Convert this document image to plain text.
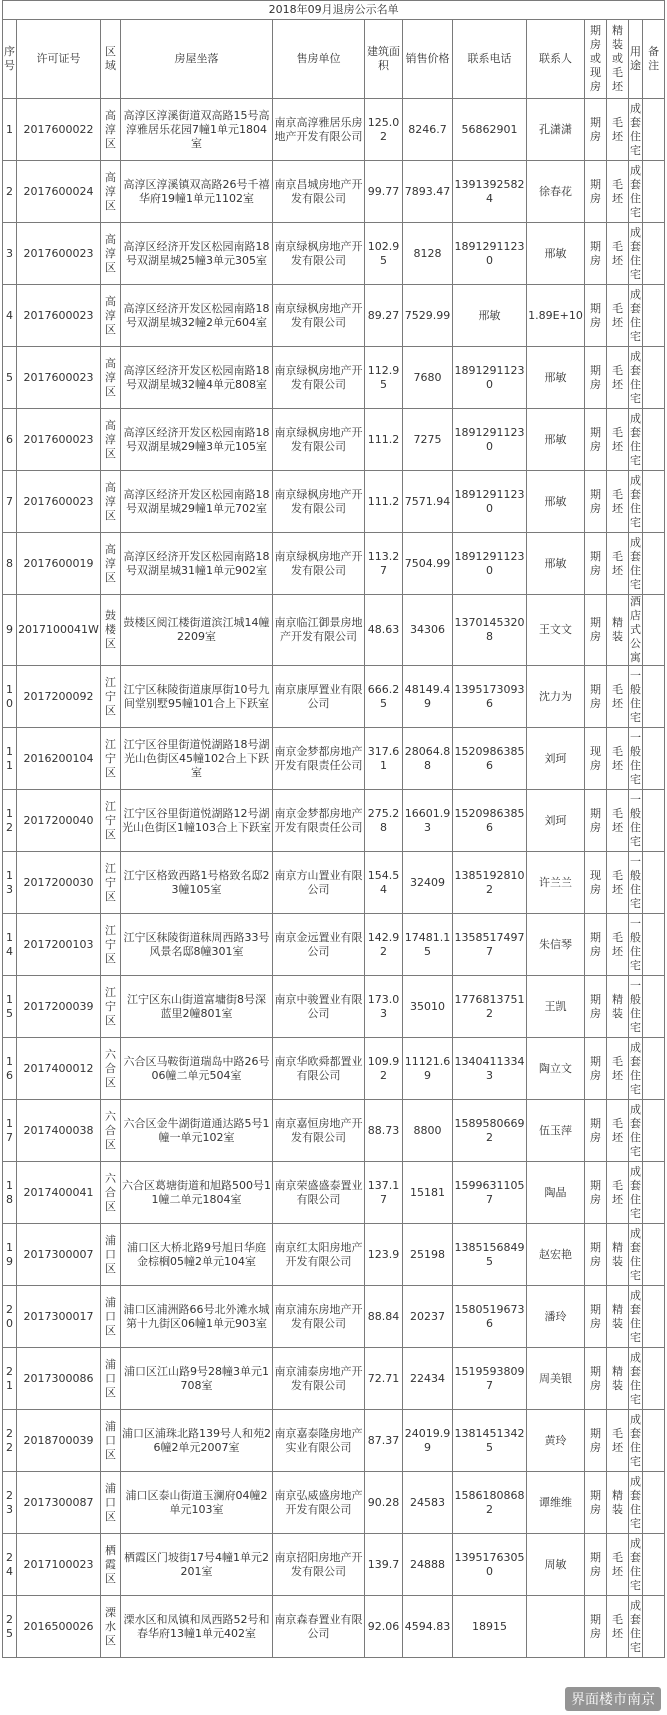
2018年09月退房公示名单												
序号	许可证号	区域	房屋坐落	售房单位	建筑面积	销售价格	联系电话	联系人	期房或现房	精装或毛坯	用途	备注
1	2017600022	高淳区	高淳区淳溪街道双高路15号高淳雅居乐花园7幢1单元1804室	南京高淳雅居乐房地产开发有限公司	125.02	8246.7	56862901	孔潇潇	期房	毛坯	成套住宅	
2	2017600024	高淳区	高淳区淳溪镇双高路26号千禧华府19幢1单元1102室	南京昌城房地产开发有限公司	99.77	7893.47	13913925824	徐春花	期房	毛坯	成套住宅	
3	2017600023	高淳区	高淳区经济开发区松园南路18号双湖星城25幢3单元305室	南京绿枫房地产开发有限公司	102.95	8128	18912911230	邢敏	期房	毛坯	成套住宅	
4	2017600023	高淳区	高淳区经济开发区松园南路18号双湖星城32幢2单元604室	南京绿枫房地产开发有限公司	89.27	7529.99	邢敏	1.89E+10	期房	毛坯	成套住宅	
5	2017600023	高淳区	高淳区经济开发区松园南路18号双湖星城32幢4单元808室	南京绿枫房地产开发有限公司	112.95	7680	18912911230	邢敏	期房	毛坯	成套住宅	
6	2017600023	高淳区	高淳区经济开发区松园南路18号双湖星城29幢3单元105室	南京绿枫房地产开发有限公司	111.2	7275	18912911230	邢敏	期房	毛坯	成套住宅	
7	2017600023	高淳区	高淳区经济开发区松园南路18号双湖星城29幢1单元702室	南京绿枫房地产开发有限公司	111.2	7571.94	18912911230	邢敏	期房	毛坯	成套住宅	
8	2017600019	高淳区	高淳区经济开发区松园南路18号双湖星城31幢1单元902室	南京绿枫房地产开发有限公司	113.27	7504.99	18912911230	邢敏	期房	毛坯	成套住宅	
9	2017100041W	鼓楼区	鼓楼区阅江楼街道滨江城14幢2209室	南京临江御景房地产开发有限公司	48.63	34306	13701453208	王文文	期房	精装	酒店式公寓	
10	2017200092	江宁区	江宁区秣陵街道康厚街10号九间堂别墅95幢101合上下跃室	南京康厚置业有限公司	666.25	48149.49	13951730936	沈力为	期房	毛坯	一般住宅	
11	2016200104	江宁区	江宁区谷里街道悦湖路18号湖光山色街区45幢102合上下跃室	南京金梦都房地产开发有限责任公司	317.61	28064.88	15209863856	刘珂	现房	毛坯	一般住宅	
12	2017200040	江宁区	江宁区谷里街道悦湖路12号湖光山色街区1幢103合上下跃室	南京金梦都房地产开发有限责任公司	275.28	16601.93	15209863856	刘珂	期房	毛坯	一般住宅	
13	2017200030	江宁区	江宁区格致西路1号格致名邸23幢105室	南京方山置业有限公司	154.54	32409	13851928102	许兰兰	现房	毛坯	一般住宅	
14	2017200103	江宁区	江宁区秣陵街道秣周西路33号风景名邸8幢301室	南京金远置业有限公司	142.92	17481.15	13585174977	朱信琴	期房	毛坯	一般住宅	
15	2017200039	江宁区	江宁区东山街道富墉街8号深蓝里2幢801室	南京中骏置业有限公司	173.03	35010	17768137512	王凯	期房	精装	一般住宅	
16	2017400012	六合区	六合区马鞍街道瑞岛中路26号06幢二单元504室	南京华欧舜都置业有限公司	109.92	11121.69	13404113343	陶立文	期房	毛坯	成套住宅	
17	2017400038	六合区	六合区金牛湖街道通达路5号1幢一单元102室	南京嘉恒房地产开发有限公司	88.73	8800	15895806692	伍玉萍	期房	毛坯	成套住宅	
18	2017400041	六合区	六合区葛塘街道和旭路500号11幢二单元1804室	南京荣盛盛泰置业有限公司	137.17	15181	15996311057	陶晶	期房	毛坯	成套住宅	
19	2017300007	浦口区	浦口区大桥北路9号旭日华庭金棕榈05幢2单元104室	南京红太阳房地产开发有限公司	123.9	25198	13851568495	赵宏艳	期房	精装	成套住宅	
20	2017300017	浦口区	浦口区浦洲路66号北外滩水城第十九街区06幢1单元903室	南京浦东房地产开发有限公司	88.84	20237	15805196736	潘玲	期房	精装	成套住宅	
21	2017300086	浦口区	浦口区江山路9号28幢3单元1708室	南京浦泰房地产开发有限公司	72.71	22434	15195938097	周美银	期房	精装	成套住宅	
22	2018700039	浦口区	浦口区浦珠北路139号人和苑26幢2单元2007室	南京嘉泰隆房地产实业有限公司	87.37	24019.99	13814513425	黄玲	期房	毛坯	成套住宅	
23	2017300087	浦口区	浦口区泰山街道玉澜府04幢2单元103室	南京弘威盛房地产开发有限公司	90.28	24583	15861808682	谭维维	期房	精装	成套住宅	
24	2017100023	栖霞区	栖霞区门坡街17号4幢1单元2201室	南京招阳房地产开发有限公司	139.7	24888	13951763050	周敏	期房	毛坯	成套住宅	
25	2016500026	溧水区	溧水区和凤镇和凤西路52号和春华府13幢1单元402室	南京森春置业有限公司	92.06	4594.83	18915		期房	毛坯	成套住宅	
界面楼市南京
